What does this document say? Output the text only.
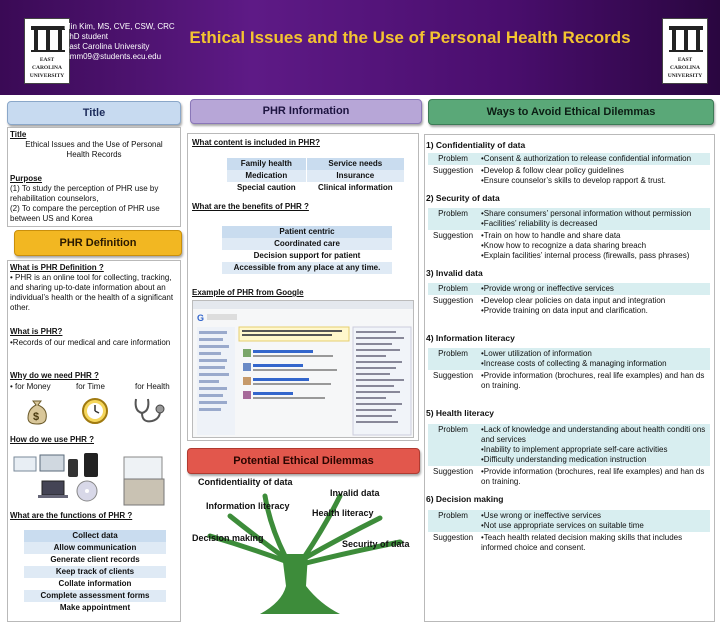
EAST
CAROLINA
UNIVERSITY
Min Kim, MS, CVE, CSW, CRC
PhD student
East Carolina University
kimm09@students.ecu.edu
Ethical Issues and the Use of Personal Health Records
EAST
CAROLINA
UNIVERSITY
Title
Title
Ethical Issues and the Use of Personal Health Records
Purpose
(1) To study the perception of PHR use by rehabilitation counselors,
(2) To compare the perception of PHR use between US and Korea
PHR Definition
What is PHR Definition ?
• PHR is an online tool for collecting, tracking, and sharing up-to-date information about an individual’s health or the health of a significant other.
What is PHR?
•Records of our medical and care information
Why do we need PHR ?
• for Money	for Time	for Health
$
How do we use PHR ?
What are the functions of PHR ?
Collect data
Allow communication
Generate client records
Keep track of clients
Collate information
Complete assessment forms
Make appointment
PHR Information
What content is included in PHR?
What are the benefits of PHR ?
Example of PHR from Google
Family health	Service needs
Medication	Insurance
Special caution	Clinical information
Patient centric
Coordinated care
Decision support for patient
Accessible from any place at any time.
G
Potential Ethical Dilemmas
Confidentiality of data
Invalid data
Information literacy
Health literacy
Decision making
Security of data
Ways to Avoid Ethical Dilemmas
1) Confidentiality of data
Problem	•Consent & authorization to release confidential information

Suggestion	•Develop & follow clear policy guidelines
•Ensure counselor’s skills to develop rapport & trust.
2) Security of data
Problem	•Share consumers’ personal information without permission
•Facilities’ reliability is decreased

Suggestion	•Train on how to handle and share data
•Know how to recognize a data sharing breach
•Explain facilities’ internal process (firewalls, pass phrases)
3) Invalid data
Problem	•Provide wrong or ineffective services

Suggestion	•Develop clear policies on data input and integration
•Provide training on data input and clarification.
4) Information literacy
Problem	•Lower utilization of information
•Increase costs of collecting & managing information

Suggestion	•Provide information (brochures, real life examples) and han ds on training.
5) Health literacy
Problem	•Lack of knowledge and understanding about health conditi ons and services
•Inability to implement appropriate self-care activities
•Difficulty understanding medication instruction

Suggestion	•Provide information (brochures, real life examples) and han ds on training.
6) Decision making
Problem	•Use wrong or ineffective services
•Not use appropriate services on suitable time

Suggestion	•Teach health related decision making skills that includes informed choice and consent.
